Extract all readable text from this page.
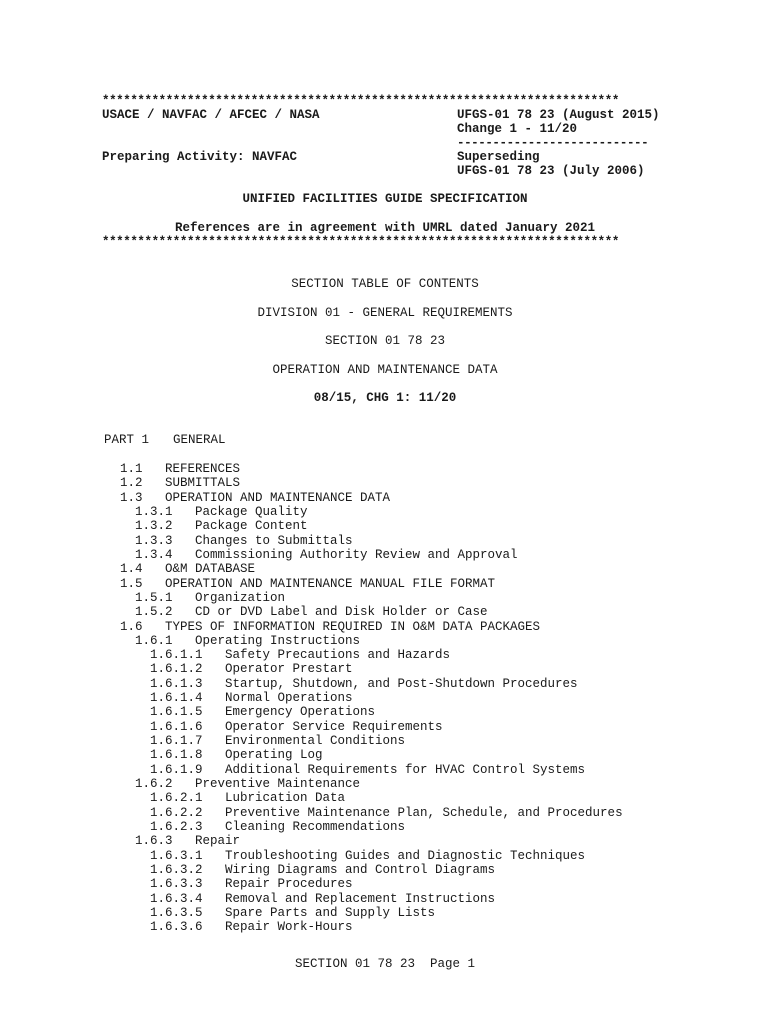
*************************************************************************
USACE / NAVFAC / AFCEC / NASA	UFGS-01 78 23 (August 2015)
Change 1 - 11/20
---------------------------
Preparing Activity: NAVFAC	Superseding
UFGS-01 78 23 (July 2006)
UNIFIED FACILITIES GUIDE SPECIFICATION
References are in agreement with UMRL dated January 2021
*************************************************************************
SECTION TABLE OF CONTENTS
DIVISION 01 - GENERAL REQUIREMENTS
SECTION 01 78 23
OPERATION AND MAINTENANCE DATA
08/15, CHG 1: 11/20
PART 1 GENERAL
1.1 REFERENCES
1.2 SUBMITTALS
1.3 OPERATION AND MAINTENANCE DATA
1.3.1 Package Quality
1.3.2 Package Content
1.3.3 Changes to Submittals
1.3.4 Commissioning Authority Review and Approval
1.4 O&M DATABASE
1.5 OPERATION AND MAINTENANCE MANUAL FILE FORMAT
1.5.1 Organization
1.5.2 CD or DVD Label and Disk Holder or Case
1.6 TYPES OF INFORMATION REQUIRED IN O&M DATA PACKAGES
1.6.1 Operating Instructions
1.6.1.1 Safety Precautions and Hazards
1.6.1.2 Operator Prestart
1.6.1.3 Startup, Shutdown, and Post-Shutdown Procedures
1.6.1.4 Normal Operations
1.6.1.5 Emergency Operations
1.6.1.6 Operator Service Requirements
1.6.1.7 Environmental Conditions
1.6.1.8 Operating Log
1.6.1.9 Additional Requirements for HVAC Control Systems
1.6.2 Preventive Maintenance
1.6.2.1 Lubrication Data
1.6.2.2 Preventive Maintenance Plan, Schedule, and Procedures
1.6.2.3 Cleaning Recommendations
1.6.3 Repair
1.6.3.1 Troubleshooting Guides and Diagnostic Techniques
1.6.3.2 Wiring Diagrams and Control Diagrams
1.6.3.3 Repair Procedures
1.6.3.4 Removal and Replacement Instructions
1.6.3.5 Spare Parts and Supply Lists
1.6.3.6 Repair Work-Hours
SECTION 01 78 23  Page 1
